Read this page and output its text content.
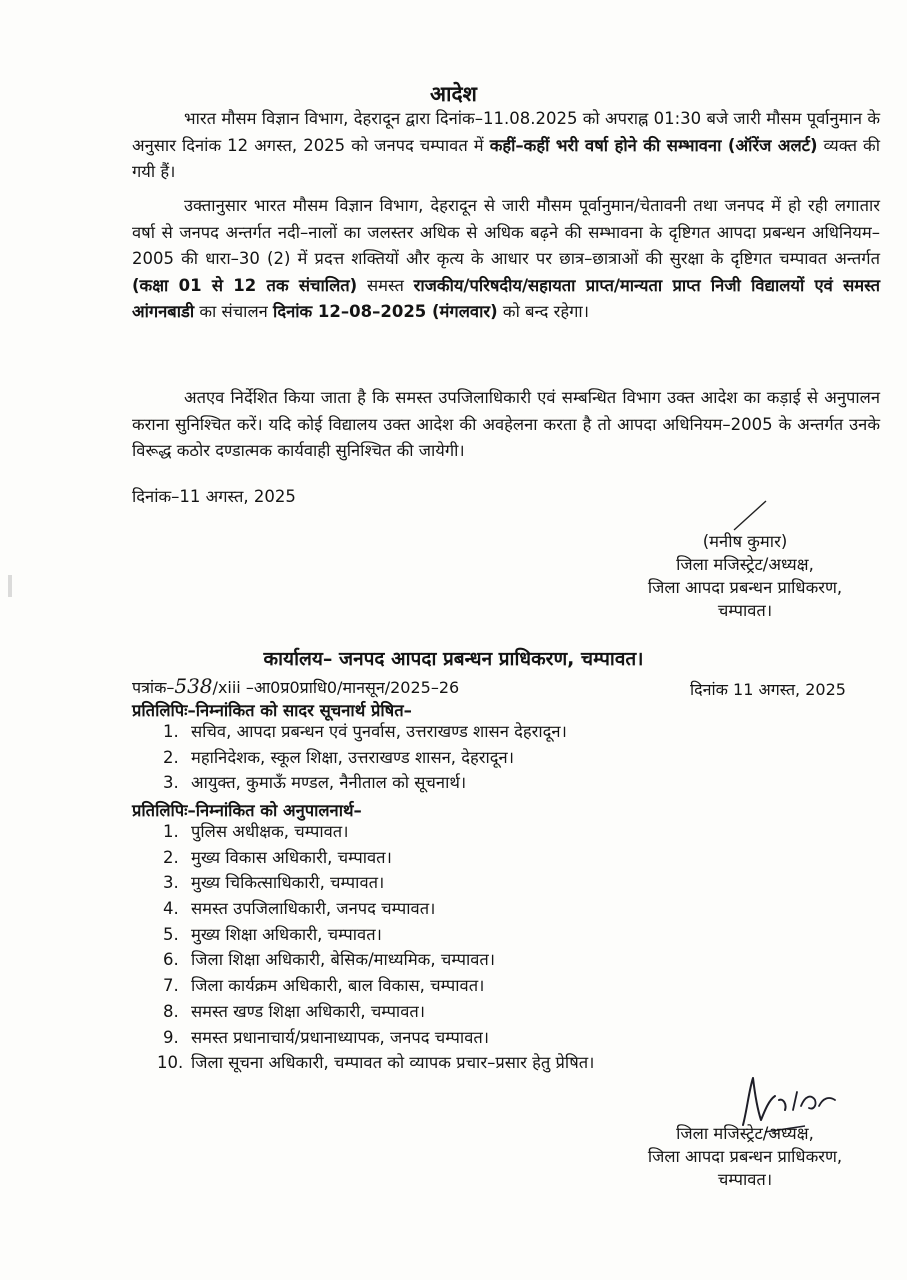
आदेश

भारत मौसम विज्ञान विभाग, देहरादून द्वारा दिनांक–11.08.2025 को अपराह्न 01:30 बजे जारी मौसम पूर्वानुमान के अनुसार दिनांक 12 अगस्त, 2025 को जनपद चम्पावत में कहीं–कहीं भरी वर्षा होने की सम्भावना (ऑरेंज अलर्ट) व्यक्त की गयी हैं।

उक्तानुसार भारत मौसम विज्ञान विभाग, देहरादून से जारी मौसम पूर्वानुमान/चेतावनी तथा जनपद में हो रही लगातार वर्षा से जनपद अन्तर्गत नदी–नालों का जलस्तर अधिक से अधिक बढ़ने की सम्भावना के दृष्टिगत आपदा प्रबन्धन अधिनियम–2005 की धारा–30 (2) में प्रदत्त शक्तियों और कृत्य के आधार पर छात्र–छात्राओं की सुरक्षा के दृष्टिगत चम्पावत अन्तर्गत (कक्षा 01 से 12 तक संचालित) समस्त राजकीय/परिषदीय/सहायता प्राप्त/मान्यता प्राप्त निजी विद्यालयों एवं समस्त आंगनबाडी का संचालन दिनांक 12–08–2025 (मंगलवार) को बन्द रहेगा।

अतएव निर्देशित किया जाता है कि समस्त उपजिलाधिकारी एवं सम्बन्धित विभाग उक्त आदेश का कड़ाई से अनुपालन कराना सुनिश्चित करें। यदि कोई विद्यालय उक्त आदेश की अवहेलना करता है तो आपदा अधिनियम–2005 के अन्तर्गत उनके विरूद्ध कठोर दण्डात्मक कार्यवाही सुनिश्चित की जायेगी।

दिनांक–11 अगस्त, 2025
(मनीष कुमार)
जिला मजिस्ट्रेट/अध्यक्ष,
जिला आपदा प्रबन्धन प्राधिकरण,
चम्पावत।
कार्यालय– जनपद आपदा प्रबन्धन प्राधिकरण, चम्पावत।
पत्रांक–538/xiii –आ0प्र0प्राधि0/मानसून/2025–26	दिनांक 11 अगस्त, 2025
प्रतिलिपिः–निम्नांकित को सादर सूचनार्थ प्रेषित–
1. सचिव, आपदा प्रबन्धन एवं पुनर्वास, उत्तराखण्ड शासन देहरादून।
2. महानिदेशक, स्कूल शिक्षा, उत्तराखण्ड शासन, देहरादून।
3. आयुक्त, कुमाऊँ मण्डल, नैनीताल को सूचनार्थ।
प्रतिलिपिः–निम्नांकित को अनुपालनार्थ–
1. पुलिस अधीक्षक, चम्पावत।
2. मुख्य विकास अधिकारी, चम्पावत।
3. मुख्य चिकित्साधिकारी, चम्पावत।
4. समस्त उपजिलाधिकारी, जनपद चम्पावत।
5. मुख्य शिक्षा अधिकारी, चम्पावत।
6. जिला शिक्षा अधिकारी, बेसिक/माध्यमिक, चम्पावत।
7. जिला कार्यक्रम अधिकारी, बाल विकास, चम्पावत।
8. समस्त खण्ड शिक्षा अधिकारी, चम्पावत।
9. समस्त प्रधानाचार्य/प्रधानाध्यापक, जनपद चम्पावत।
10. जिला सूचना अधिकारी, चम्पावत को व्यापक प्रचार–प्रसार हेतु प्रेषित।
जिला मजिस्ट्रेट/अध्यक्ष,
जिला आपदा प्रबन्धन प्राधिकरण,
चम्पावत।
